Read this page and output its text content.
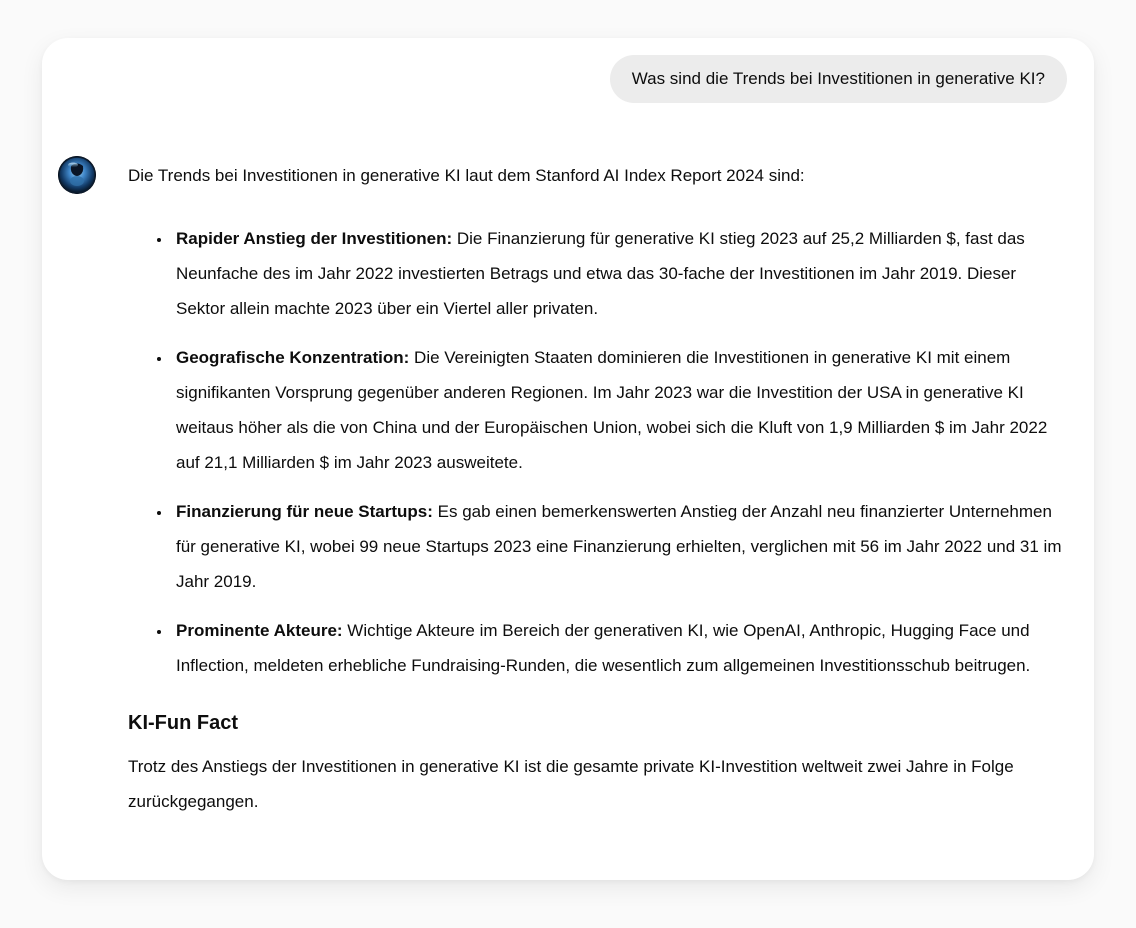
Was sind die Trends bei Investitionen in generative KI?
Die Trends bei Investitionen in generative KI laut dem Stanford AI Index Report 2024 sind:
• Rapider Anstieg der Investitionen: Die Finanzierung für generative KI stieg 2023 auf 25,2 Milliarden $, fast das Neunfache des im Jahr 2022 investierten Betrags und etwa das 30-fache der Investitionen im Jahr 2019. Dieser Sektor allein machte 2023 über ein Viertel aller privaten.
• Geografische Konzentration: Die Vereinigten Staaten dominieren die Investitionen in generative KI mit einem signifikanten Vorsprung gegenüber anderen Regionen. Im Jahr 2023 war die Investition der USA in generative KI weitaus höher als die von China und der Europäischen Union, wobei sich die Kluft von 1,9 Milliarden $ im Jahr 2022 auf 21,1 Milliarden $ im Jahr 2023 ausweitete.
• Finanzierung für neue Startups: Es gab einen bemerkenswerten Anstieg der Anzahl neu finanzierter Unternehmen für generative KI, wobei 99 neue Startups 2023 eine Finanzierung erhielten, verglichen mit 56 im Jahr 2022 und 31 im Jahr 2019.
• Prominente Akteure: Wichtige Akteure im Bereich der generativen KI, wie OpenAI, Anthropic, Hugging Face und Inflection, meldeten erhebliche Fundraising-Runden, die wesentlich zum allgemeinen Investitionsschub beitrugen.
KI-Fun Fact
Trotz des Anstiegs der Investitionen in generative KI ist die gesamte private KI-Investition weltweit zwei Jahre in Folge zurückgegangen.
